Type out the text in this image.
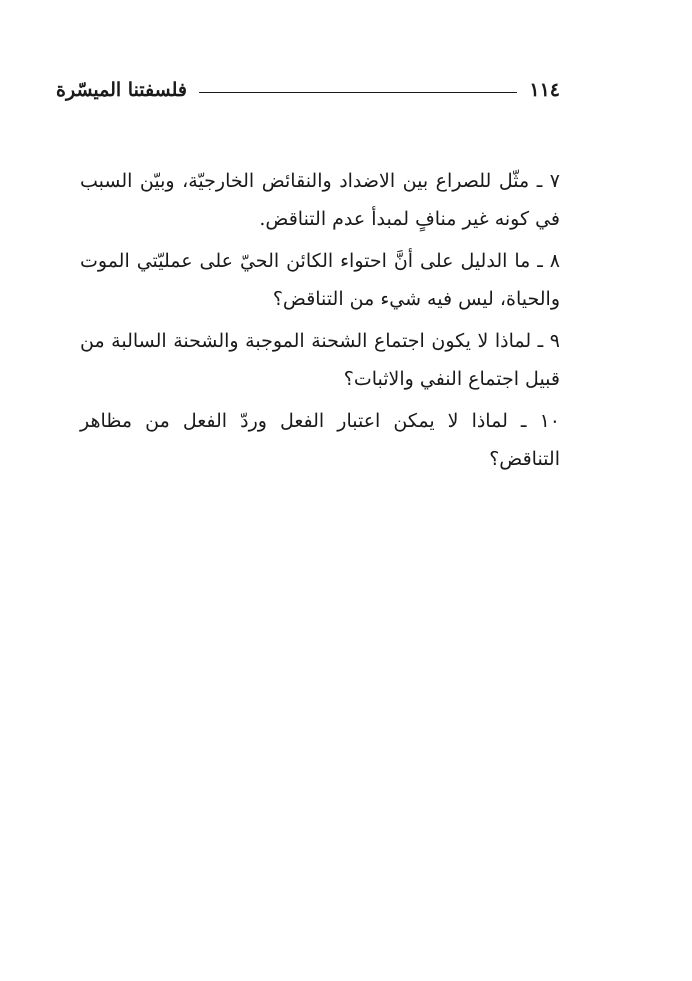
١١٤
فلسفتنا الميسّرة

٧ ـ مثّل للصراع بين الاضداد والنقائض الخارجيّة، وبيّن السبب في كونه غير منافٍ لمبدأ عدم التناقض.

٨ ـ ما الدليل على أنَّ احتواء الكائن الحيّ على عمليّتي الموت والحياة، ليس فيه شيء من التناقض؟

٩ ـ لماذا لا يكون اجتماع الشحنة الموجبة والشحنة السالبة من قبيل اجتماع النفي والاثبات؟

١٠ ـ لماذا لا يمكن اعتبار الفعل وردّ الفعل من مظاهر التناقض؟
